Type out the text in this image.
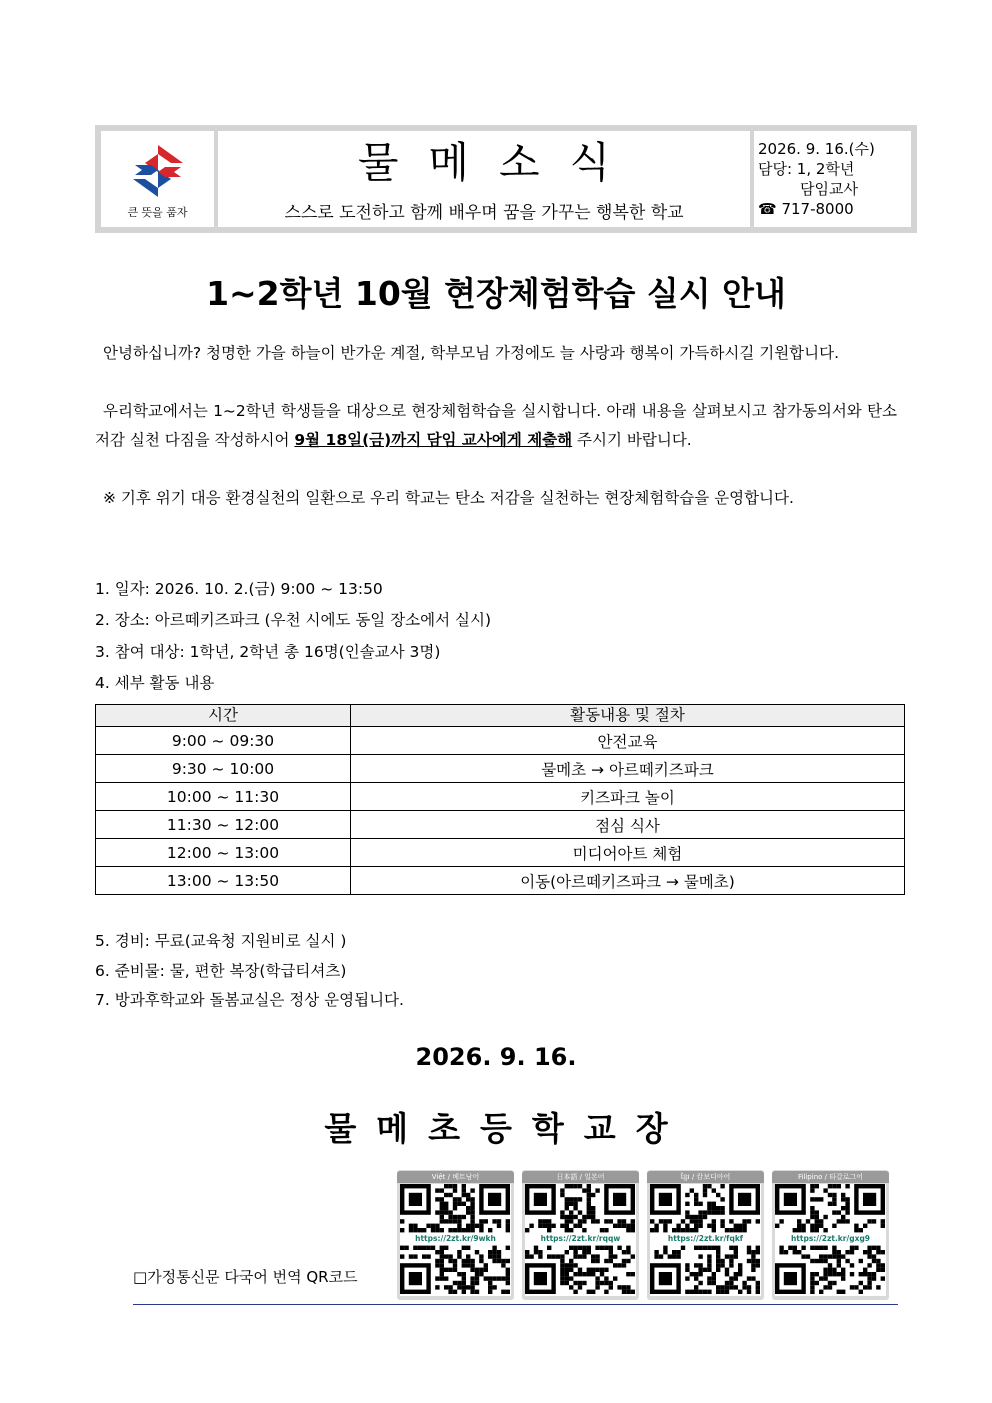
큰 뜻을 품자
물메소식
스스로 도전하고 함께 배우며 꿈을 가꾸는 행복한 학교
2026. 9. 16.(수)
담당: 1, 2학년
담임교사
☎ 717-8000
1~2학년 10월 현장체험학습 실시 안내
안녕하십니까? 청명한 가을 하늘이 반가운 계절, 학부모님 가정에도 늘 사랑과 행복이 가득하시길 기원합니다.
우리학교에서는 1~2학년 학생들을 대상으로 현장체험학습을 실시합니다. 아래 내용을 살펴보시고 참가동의서와 탄소 저감 실천 다짐을 작성하시어 9월 18일(금)까지 담임 교사에게 제출해 주시기 바랍니다.
※ 기후 위기 대응 환경실천의 일환으로 우리 학교는 탄소 저감을 실천하는 현장체험학습을 운영합니다.
1. 일자: 2026. 10. 2.(금) 9:00 ~ 13:50
2. 장소: 아르떼키즈파크 (우천 시에도 동일 장소에서 실시)
3. 참여 대상: 1학년, 2학년 총 16명(인솔교사 3명)
4. 세부 활동 내용
시간	활동내용 및 절차
9:00 ~ 09:30	안전교육
9:30 ~ 10:00	물메초 → 아르떼키즈파크
10:00 ~ 11:30	키즈파크 놀이
11:30 ~ 12:00	점심 식사
12:00 ~ 13:00	미디어아트 체험
13:00 ~ 13:50	이동(아르떼키즈파크 → 물메초)
5. 경비: 무료(교육청 지원비로 실시 )
6. 준비물: 물, 편한 복장(학급티셔츠)
7. 방과후학교와 돌봄교실은 정상 운영됩니다.
2026. 9. 16.
물메초등학교장
□가정통신문 다국어 번역 QR코드
Việt / 베트남어
https://2zt.kr/9wkh
日本語 / 일본어
https://2zt.kr/rqqw
ខ្មែរ / 캄보디아어
https://2zt.kr/fqkf
Filipino / 타갈로그어
https://2zt.kr/gxg9
